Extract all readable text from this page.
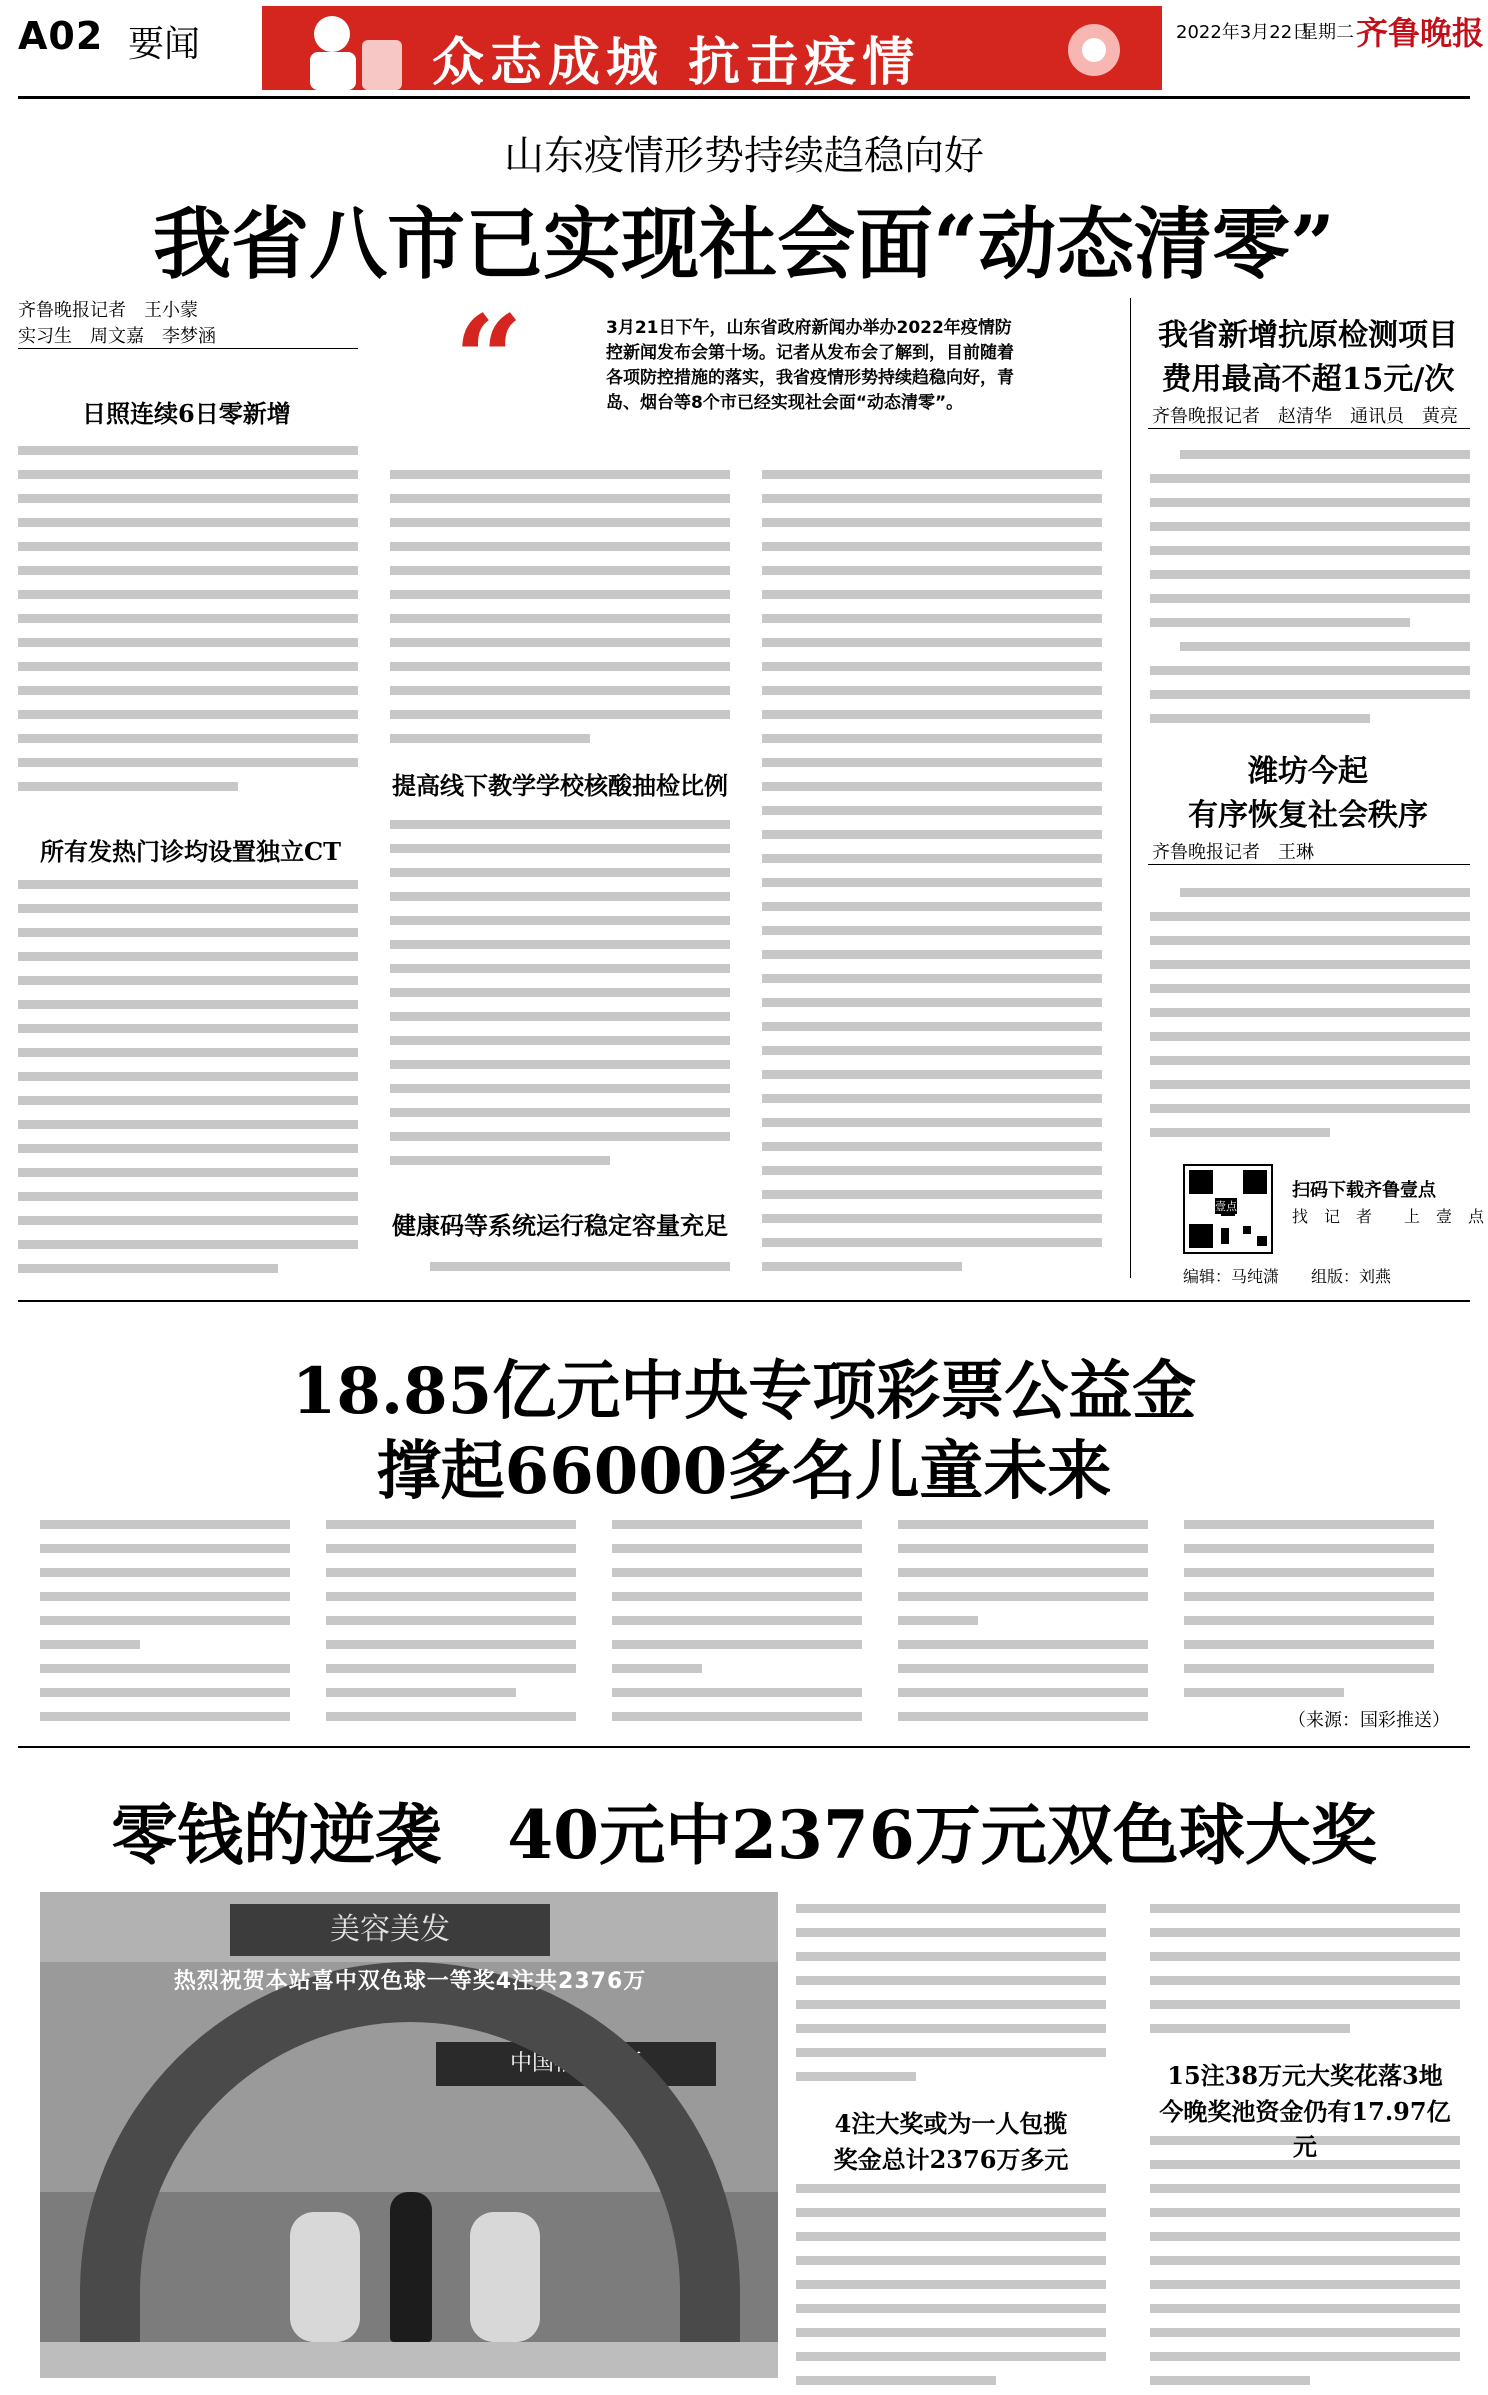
A02 要闻	众志成城 抗击疫情	2022年3月22日
星期二 齐鲁晚报
山东疫情形势持续趋稳向好
我省八市已实现社会面“动态清零”
齐鲁晚报记者　王小蒙
实习生　周文嘉　李梦涵 “	3月21日下午，山东省政府新闻办举办2022年疫情防控新闻发布会第十场。记者从发布会了解到，目前随着各项防控措施的落实，我省疫情形势持续趋稳向好，青岛、烟台等8个市已经实现社会面“动态清零”。
日照连续6日零新增
所有发热门诊均设置独立CT
提高线下教学学校核酸抽检比例
健康码等系统运行稳定容量充足
我省新增抗原检测项目
费用最高不超15元/次
齐鲁晚报记者　赵清华　通讯员　黄亮
潍坊今起
有序恢复社会秩序
齐鲁晚报记者　王琳
壹点
扫码下载齐鲁壹点
找　记　者　　上　壹　点
编辑：马纯潇　　组版：刘燕
18.85亿元中央专项彩票公益金
撑起66000多名儿童未来
（来源：国彩推送）
零钱的逆袭　40元中2376万元双色球大奖
美容美发
中国福利彩票
热烈祝贺本站喜中双色球一等奖4注共2376万
4注大奖或为一人包揽
奖金总计2376万多元
15注38万元大奖花落3地
今晚奖池资金仍有17.97亿元
